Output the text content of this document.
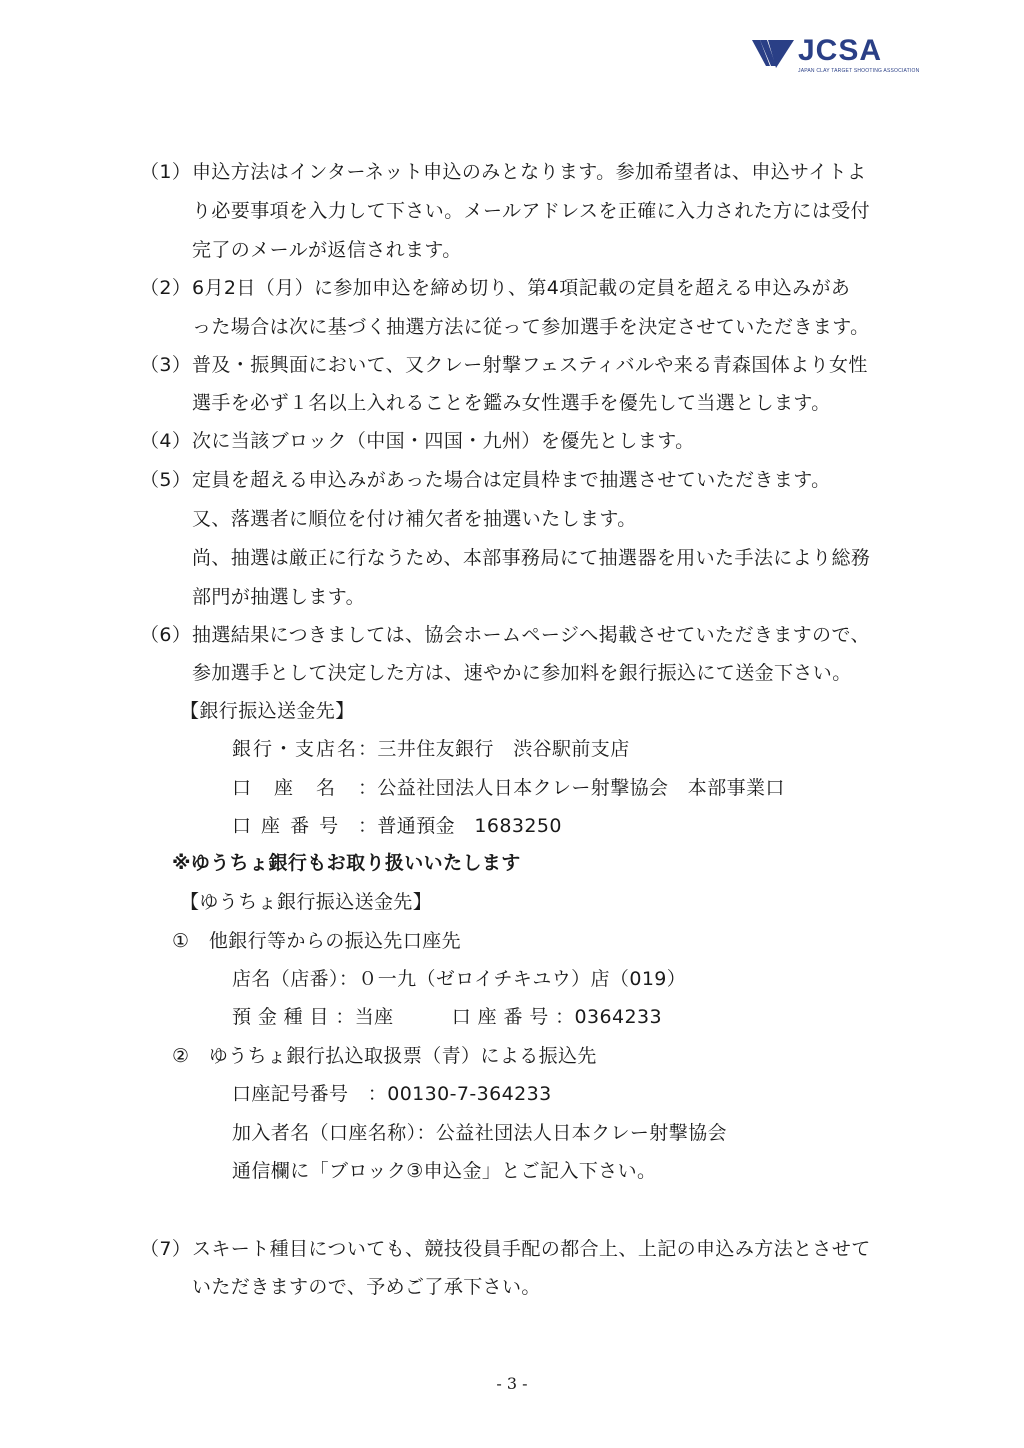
JCSA
JAPAN CLAY TARGET SHOOTING ASSOCIATION
（1） 申込方法はインターネット申込のみとなります。参加希望者は、申込サイトよ
り必要事項を入力して下さい。メールアドレスを正確に入力された方には受付
完了のメールが返信されます。
（2） 6月2日（月）に参加申込を締め切り、第4項記載の定員を超える申込みがあ
った場合は次に基づく抽選方法に従って参加選手を決定させていただきます。
（3） 普及・振興面において、又クレー射撃フェスティバルや来る青森国体より女性
選手を必ず１名以上入れることを鑑み女性選手を優先して当選とします。
（4） 次に当該ブロック（中国・四国・九州）を優先とします。
（5） 定員を超える申込みがあった場合は定員枠まで抽選させていただきます。
又、落選者に順位を付け補欠者を抽選いたします。
尚、抽選は厳正に行なうため、本部事務局にて抽選器を用いた手法により総務
部門が抽選します。
（6） 抽選結果につきましては、協会ホームページへ掲載させていただきますので、
参加選手として決定した方は、速やかに参加料を銀行振込にて送金下さい。
【銀行振込送金先】
銀行・支店名：三井住友銀行　渋谷駅前支店
口　座　名 ：公益社団法人日本クレー射撃協会　本部事業口
口 座 番 号 ：普通預金　1683250
※ゆうちょ銀行もお取り扱いいたします
【ゆうちょ銀行振込送金先】
①　他銀行等からの振込先口座先
店名（店番）：０一九（ゼロイチキユウ）店（019）
預 金 種 目 ：当座　　　口 座 番 号 ：0364233
②　ゆうちょ銀行払込取扱票（青）による振込先
口座記号番号　：00130-7-364233
加入者名（口座名称）：公益社団法人日本クレー射撃協会
通信欄に「ブロック③申込金」とご記入下さい。
（7） スキート種目についても、競技役員手配の都合上、上記の申込み方法とさせて
いただきますので、予めご了承下さい。
- 3 -
